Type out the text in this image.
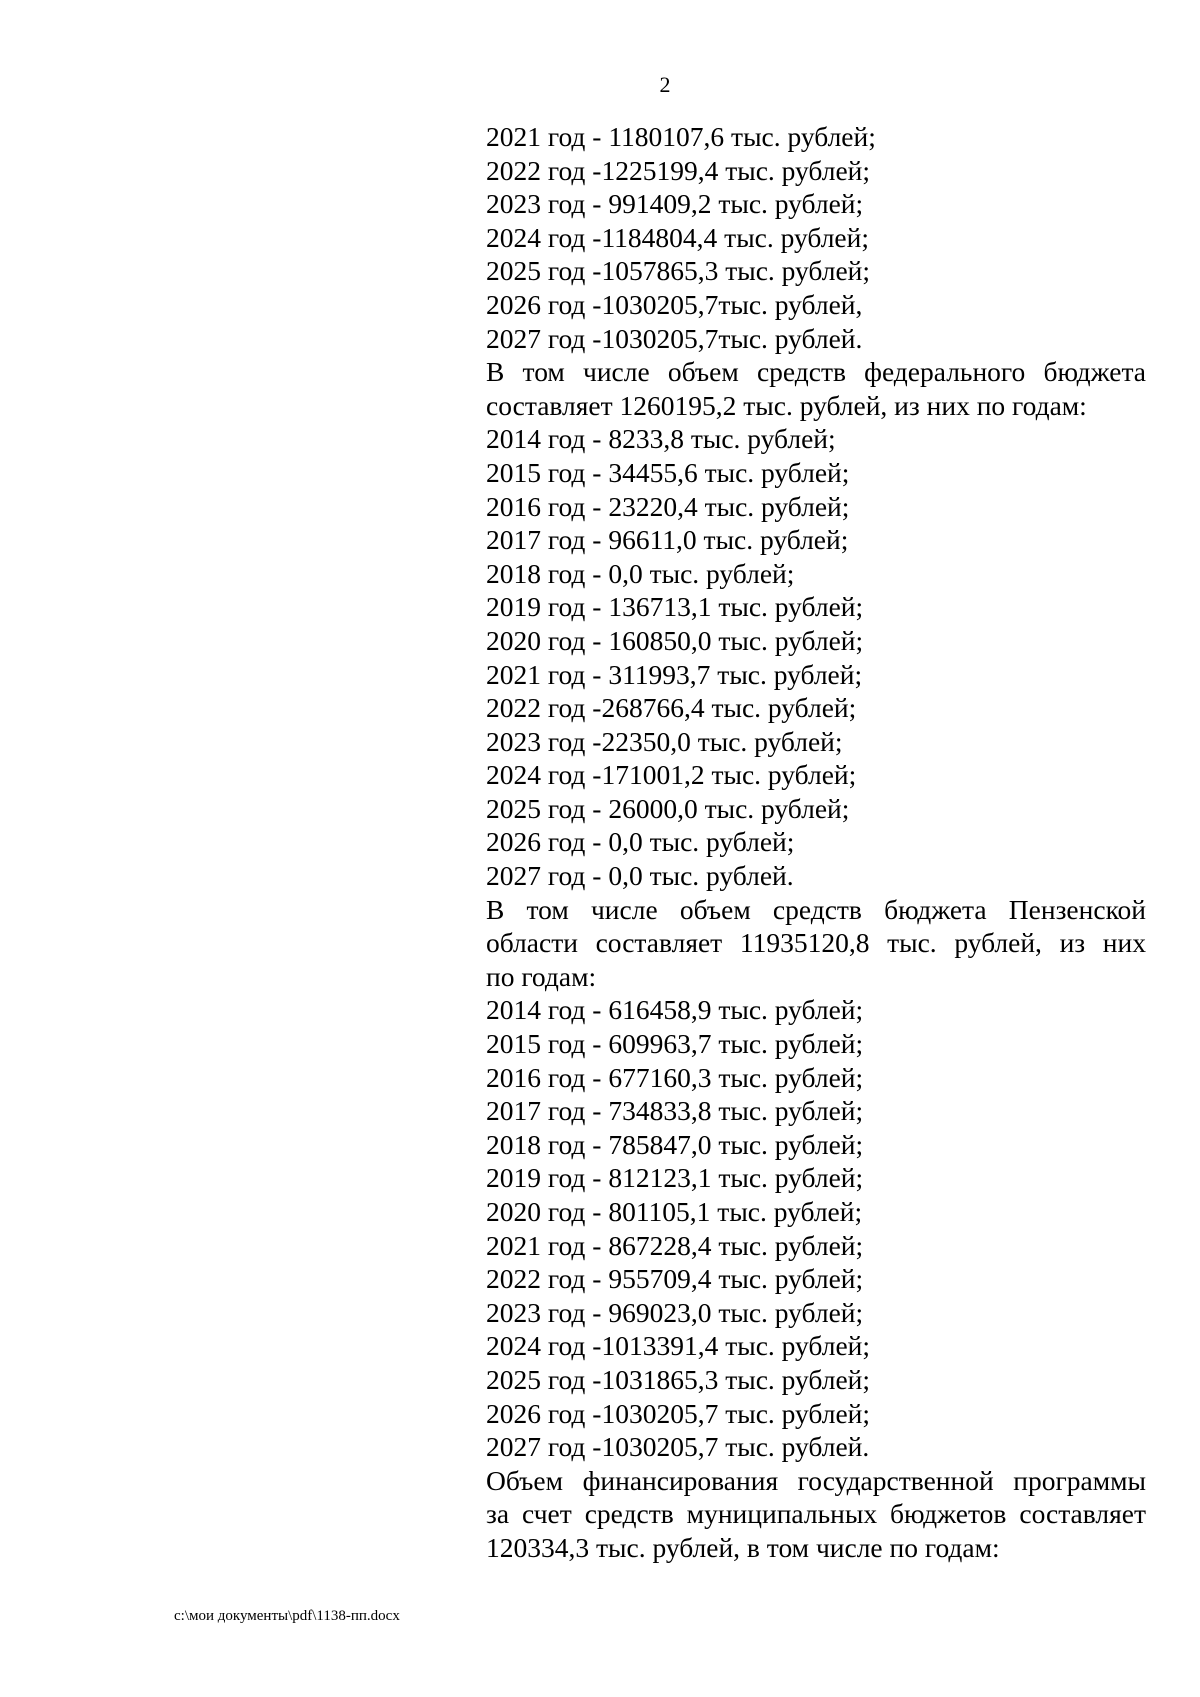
2
2021 год - 1180107,6 тыс. рублей;
2022 год -1225199,4 тыс. рублей;
2023 год - 991409,2 тыс. рублей;
2024 год -1184804,4 тыс. рублей;
2025 год -1057865,3 тыс. рублей;
2026 год -1030205,7тыс. рублей,
2027 год -1030205,7тыс. рублей.
В том числе объем средств федерального бюджета
составляет 1260195,2 тыс. рублей, из них по годам:
2014 год - 8233,8 тыс. рублей;
2015 год - 34455,6 тыс. рублей;
2016 год - 23220,4 тыс. рублей;
2017 год - 96611,0 тыс. рублей;
2018 год - 0,0 тыс. рублей;
2019 год - 136713,1 тыс. рублей;
2020 год - 160850,0 тыс. рублей;
2021 год - 311993,7 тыс. рублей;
2022 год -268766,4 тыс. рублей;
2023 год -22350,0 тыс. рублей;
2024 год -171001,2 тыс. рублей;
2025 год - 26000,0 тыс. рублей;
2026 год - 0,0 тыс. рублей;
2027 год - 0,0 тыс. рублей.
В том числе объем средств бюджета Пензенской
области составляет 11935120,8 тыс. рублей, из них
по годам:
2014 год - 616458,9 тыс. рублей;
2015 год - 609963,7 тыс. рублей;
2016 год - 677160,3 тыс. рублей;
2017 год - 734833,8 тыс. рублей;
2018 год - 785847,0 тыс. рублей;
2019 год - 812123,1 тыс. рублей;
2020 год - 801105,1 тыс. рублей;
2021 год - 867228,4 тыс. рублей;
2022 год - 955709,4 тыс. рублей;
2023 год - 969023,0 тыс. рублей;
2024 год -1013391,4 тыс. рублей;
2025 год -1031865,3 тыс. рублей;
2026 год -1030205,7 тыс. рублей;
2027 год -1030205,7 тыс. рублей.
Объем финансирования государственной программы
за счет средств муниципальных бюджетов составляет
120334,3 тыс. рублей, в том числе по годам:
c:\мои документы\pdf\1138-пп.docx
